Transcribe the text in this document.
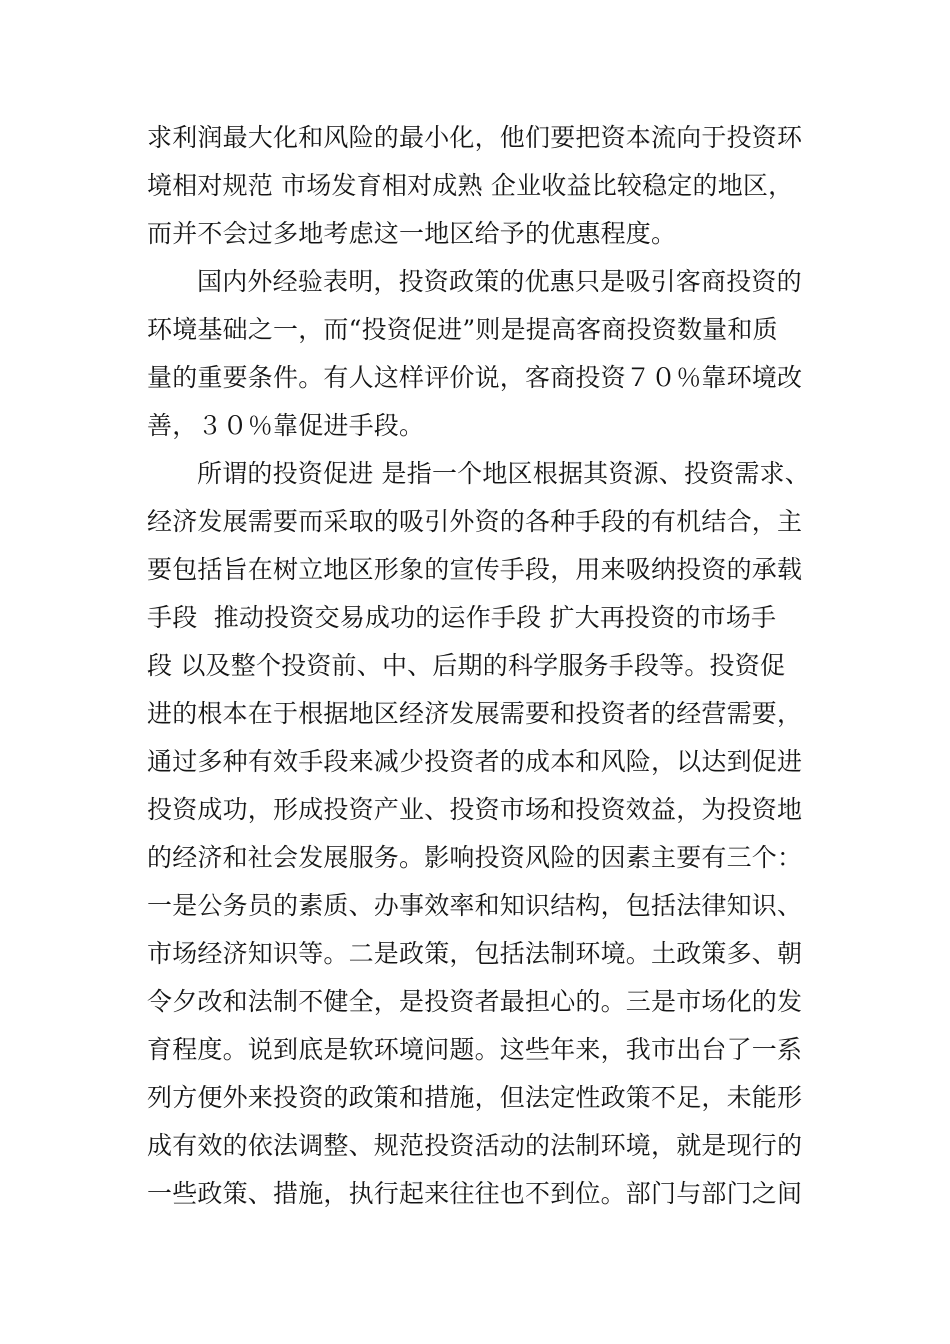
求利润最大化和风险的最小化，他们要把资本流向于投资环
境相对规范 市场发育相对成熟 企业收益比较稳定的地区，
而并不会过多地考虑这一地区给予的优惠程度。
国内外经验表明，投资政策的优惠只是吸引客商投资的
环境基础之一，而“投资促进”则是提高客商投资数量和质
量的重要条件。有人这样评价说，客商投资７０％靠环境改
善，３０％靠促进手段。
所谓的投资促进 是指一个地区根据其资源、投资需求、
经济发展需要而采取的吸引外资的各种手段的有机结合，主
要包括旨在树立地区形象的宣传手段，用来吸纳投资的承载
手段  推动投资交易成功的运作手段 扩大再投资的市场手
段 以及整个投资前、中、后期的科学服务手段等。投资促
进的根本在于根据地区经济发展需要和投资者的经营需要，
通过多种有效手段来减少投资者的成本和风险，以达到促进
投资成功，形成投资产业、投资市场和投资效益，为投资地
的经济和社会发展服务。影响投资风险的因素主要有三个：
一是公务员的素质、办事效率和知识结构，包括法律知识、
市场经济知识等。二是政策，包括法制环境。土政策多、朝
令夕改和法制不健全，是投资者最担心的。三是市场化的发
育程度。说到底是软环境问题。这些年来，我市出台了一系
列方便外来投资的政策和措施，但法定性政策不足，未能形
成有效的依法调整、规范投资活动的法制环境，就是现行的
一些政策、措施，执行起来往往也不到位。部门与部门之间
